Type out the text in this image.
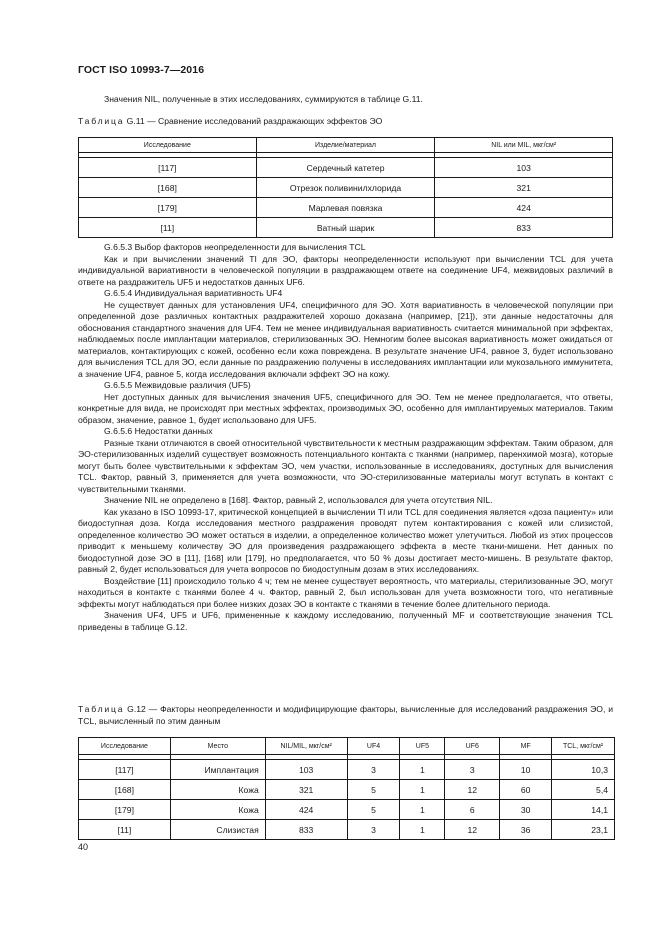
ГОСТ ISO 10993-7—2016
Значения NIL, полученные в этих исследованиях, суммируются в таблице G.11.
Таблица G.11 — Сравнение исследований раздражающих эффектов ЭО
Исследование	Изделие/материал	NIL или MIL, мкг/см²

[117]	Сердечный катетер	103
[168]	Отрезок поливинилхлорида	321
[179]	Марлевая повязка	424
[11]	Ватный шарик	833

G.6.5.3 Выбор факторов неопределенности для вычисления TCL

Как и при вычислении значений TI для ЭО, факторы неопределенности используют при вычислении TCL для учета индивидуальной вариативности в человеческой популяции в раздражающем ответе на соединение UF4, межвидовых различий в ответе на раздражитель UF5 и недостатков данных UF6.

G.6.5.4 Индивидуальная вариативность UF4

Не существует данных для установления UF4, специфичного для ЭО. Хотя вариативность в человеческой популяции при определенной дозе различных контактных раздражителей хорошо доказана (например, [21]), эти данные недостаточны для обоснования стандартного значения для UF4. Тем не менее индивидуальная вариативность считается минимальной при эффектах, наблюдаемых после имплантации материалов, стерилизованных ЭО. Немногим более высокая вариативность может ожидаться от материалов, контактирующих с кожей, особенно если кожа повреждена. В результате значение UF4, равное 3, будет использовано для вычисления TCL для ЭО, если данные по раздражению получены в исследованиях имплантации или мукозального иммунитета, а значение UF4, равное 5, когда исследования включали эффект ЭО на кожу.

G.6.5.5 Межвидовые различия (UF5)

Нет доступных данных для вычисления значения UF5, специфичного для ЭО. Тем не менее предполагается, что ответы, конкретные для вида, не происходят при местных эффектах, производимых ЭО, особенно для имплантируемых материалов. Таким образом, значение, равное 1, будет использовано для UF5.

G.6.5.6 Недостатки данных

Разные ткани отличаются в своей относительной чувствительности к местным раздражающим эффектам. Таким образом, для ЭО-стерилизованных изделий существует возможность потенциального контакта с тканями (например, паренхимой мозга), которые могут быть более чувствительными к эффектам ЭО, чем участки, использованные в исследованиях, доступных для вычисления TCL. Фактор, равный 3, применяется для учета возможности, что ЭО-стерилизованные материалы могут вступать в контакт с чувствительными тканями.

Значение NIL не определено в [168]. Фактор, равный 2, использовался для учета отсутствия NIL.

Как указано в ISO 10993-17, критической концепцией в вычислении TI или TCL для соединения является «доза пациенту» или биодоступная доза. Когда исследования местного раздражения проводят путем контактирования с кожей или слизистой, определенное количество ЭО может остаться в изделии, а определенное количество может улетучиться. Любой из этих процессов приводит к меньшему количеству ЭО для произведения раздражающего эффекта в месте ткани-мишени. Нет данных по биодоступной дозе ЭО в [11], [168] или [179], но предполагается, что 50 % дозы достигает место-мишень. В результате фактор, равный 2, будет использоваться для учета вопросов по биодоступным дозам в этих исследованиях.

Воздействие [11] происходило только 4 ч; тем не менее существует вероятность, что материалы, стерилизованные ЭО, могут находиться в контакте с тканями более 4 ч. Фактор, равный 2, был использован для учета возможности того, что негативные эффекты могут наблюдаться при более низких дозах ЭО в контакте с тканями в течение более длительного периода.

Значения UF4, UF5 и UF6, примененные к каждому исследованию, полученный MF и соответствующие значения TCL приведены в таблице G.12.

Таблица G.12 — Факторы неопределенности и модифицирующие факторы, вычисленные для исследований раздражения ЭО, и TCL, вычисленный по этим данным
Исследование	Место	NIL/MIL, мкг/см²	UF4	UF5	UF6	MF	TCL, мкг/см²

[117]	Имплантация	103	3	1	3	10	10,3
[168]	Кожа	321	5	1	12	60	5,4
[179]	Кожа	424	5	1	6	30	14,1
[11]	Слизистая	833	3	1	12	36	23,1
40
